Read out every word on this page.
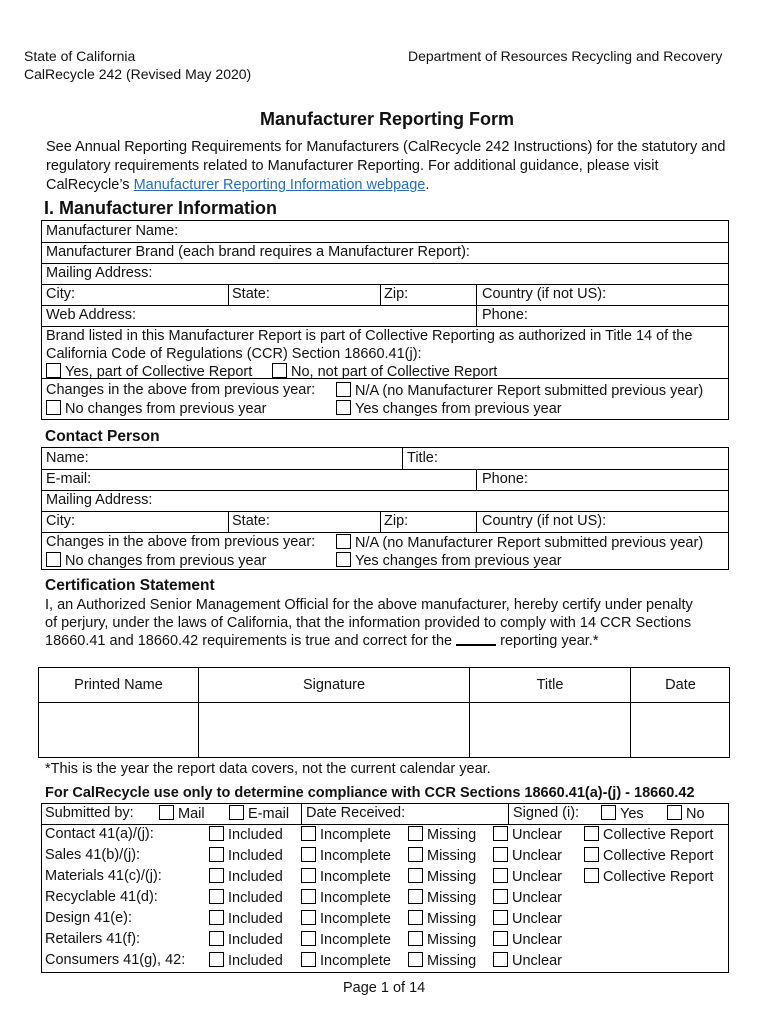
State of California
CalRecycle 242 (Revised May 2020)
Department of Resources Recycling and Recovery
Manufacturer Reporting Form
See Annual Reporting Requirements for Manufacturers (CalRecycle 242 Instructions) for the statutory and regulatory requirements related to Manufacturer Reporting. For additional guidance, please visit CalRecycle’s Manufacturer Reporting Information webpage.
I. Manufacturer Information
Manufacturer Name:
Manufacturer Brand (each brand requires a Manufacturer Report):
Mailing Address:
City:	State:	Zip:	Country (if not US):
Web Address:	Phone:
Brand listed in this Manufacturer Report is part of Collective Reporting as authorized in Title 14 of the
California Code of Regulations (CCR) Section 18660.41(j):
Yes, part of Collective Report	No, not part of Collective Report
Changes in the above from previous year:	N/A (no Manufacturer Report submitted previous year)
No changes from previous year	Yes changes from previous year
Contact Person
Name:	Title:
E-mail:	Phone:
Mailing Address:
City:	State:	Zip:	Country (if not US):
Changes in the above from previous year:	N/A (no Manufacturer Report submitted previous year)
No changes from previous year	Yes changes from previous year
Certification Statement
I, an Authorized Senior Management Official for the above manufacturer, hereby certify under penalty
of perjury, under the laws of California, that the information provided to comply with 14 CCR Sections
18660.41 and 18660.42 requirements is true and correct for the	reporting year.*
Printed Name	Signature	Title	Date
*This is the year the report data covers, not the current calendar year.
For CalRecycle use only to determine compliance with CCR Sections 18660.41(a)-(j) - 18660.42
Submitted by:	Mail	E-mail Date Received:	Signed (i):	Yes	No
Contact 41(a)/(j):	Included	Incomplete	Missing	Unclear	Collective Report
Sales 41(b)/(j):	Included	Incomplete	Missing	Unclear	Collective Report
Materials 41(c)/(j):	Included	Incomplete	Missing	Unclear	Collective Report
Recyclable 41(d):	Included	Incomplete	Missing	Unclear
Design 41(e):	Included	Incomplete	Missing	Unclear
Retailers 41(f):	Included	Incomplete	Missing	Unclear
Consumers 41(g), 42:	Included	Incomplete	Missing	Unclear
Page 1 of 14
